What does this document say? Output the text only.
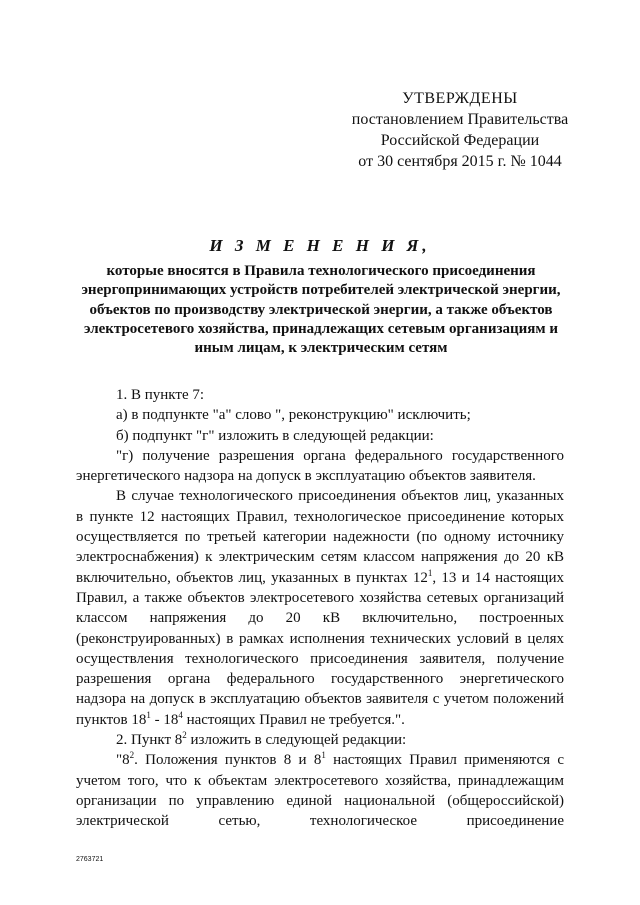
УТВЕРЖДЕНЫ
постановлением Правительства
Российской Федерации
от 30 сентября 2015 г. № 1044
И З М Е Н Е Н И Я,
которые вносятся в Правила технологического присоединения энергопринимающих устройств потребителей электрической энергии, объектов по производству электрической энергии, а также объектов электросетевого хозяйства, принадлежащих сетевым организациям и иным лицам, к электрическим сетям

1. В пункте 7:

а) в подпункте "а" слово ", реконструкцию" исключить;

б) подпункт "г" изложить в следующей редакции:

"г) получение разрешения органа федерального государственного энергетического надзора на допуск в эксплуатацию объектов заявителя.

В случае технологического присоединения объектов лиц, указанных в пункте 12 настоящих Правил, технологическое присоединение которых осуществляется по третьей категории надежности (по одному источнику электроснабжения) к электрическим сетям классом напряжения до 20 кВ включительно, объектов лиц, указанных в пунктах $12^1$, 13 и 14 настоящих Правил, а также объектов электросетевого хозяйства сетевых организаций классом напряжения до 20 кВ включительно, построенных (реконструированных) в рамках исполнения технических условий в целях осуществления технологического присоединения заявителя, получение разрешения органа федерального государственного энергетического надзора на допуск в эксплуатацию объектов заявителя с учетом положений пунктов $18^1 - 18^4$ настоящих Правил не требуется.".

2. Пункт $8^2$ изложить в следующей редакции:

"$8^2$. Положения пунктов 8 и $8^1$ настоящих Правил применяются с учетом того, что к объектам электросетевого хозяйства, принадлежащим организации по управлению единой национальной (общероссийской) электрической сетью, технологическое присоединение

2763721
